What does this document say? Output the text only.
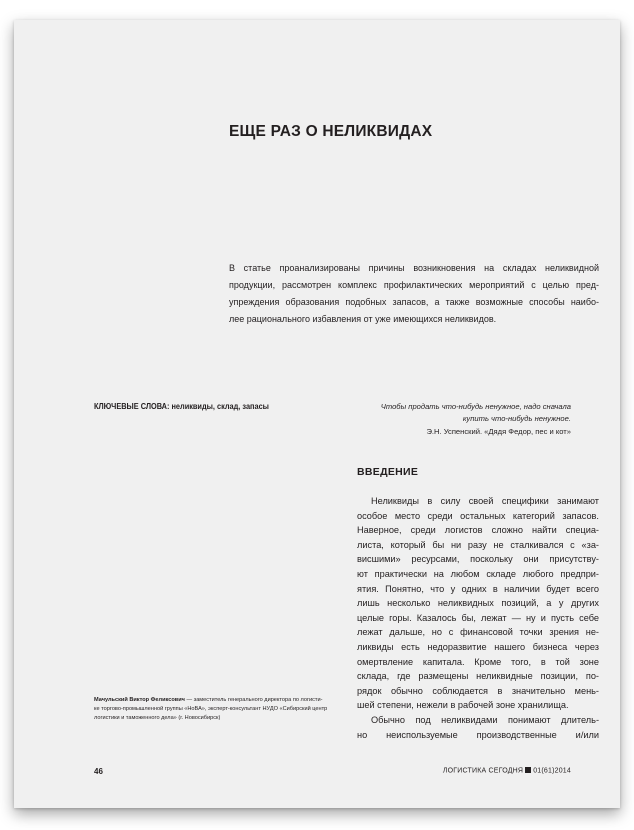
ЕЩЕ РАЗ О НЕЛИКВИДАХ
В статье проанализированы причины возникновения на складах неликвидной
продукции, рассмотрен комплекс профилактических мероприятий с целью пред-
упреждения образования подобных запасов, а также возможные способы наибо-
лее рационального избавления от уже имеющихся неликвидов.
КЛЮЧЕВЫЕ СЛОВА: неликвиды, склад, запасы	Чтобы продать что-нибудь ненужное, надо сначала
купить что-нибудь ненужное.
Э.Н. Успенский. «Дядя Федор, пес и кот»
ВВЕДЕНИЕ
Неликвиды в силу своей специфики занимают
особое место среди остальных категорий запасов.
Наверное, среди логистов сложно найти специа-
листа, который бы ни разу не сталкивался с «за-
висшими» ресурсами, поскольку они присутству-
ют практически на любом складе любого предпри-
ятия. Понятно, что у одних в наличии будет всего
лишь несколько неликвидных позиций, а у других
целые горы. Казалось бы, лежат — ну и пусть себе
лежат дальше, но с финансовой точки зрения не-
ликвиды есть недоразвитие нашего бизнеса через
омертвление капитала. Кроме того, в той зоне
склада, где размещены неликвидные позиции, по-
рядок обычно соблюдается в значительно мень-
шей степени, нежели в рабочей зоне хранилища.
Обычно под неликвидами понимают длитель-
но неиспользуемые производственные и/или
Мачульский Виктор Феликсович — заместитель генерального директора по логисти-
ке торгово-промышленной группы «НоВА», эксперт-консультант НУДО «Сибирский центр
логистики и таможенного дела» (г. Новосибирск)
46	ЛОГИСТИКА СЕГОДНЯ 01(61)2014
